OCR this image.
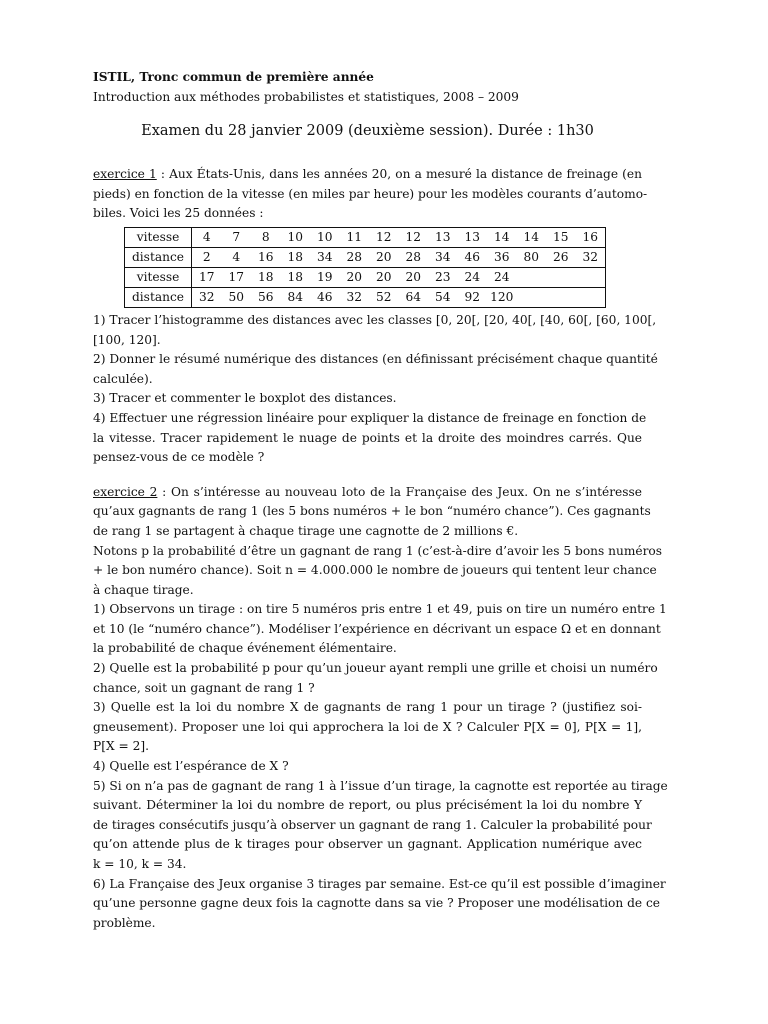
ISTIL, Tronc commun de première année
Introduction aux méthodes probabilistes et statistiques, 2008 – 2009
Examen du 28 janvier 2009 (deuxième session). Durée : 1h30
exercice 1 : Aux États-Unis, dans les années 20, on a mesuré la distance de freinage (en
pieds) en fonction de la vitesse (en miles par heure) pour les modèles courants d’automo-
biles. Voici les 25 données :
vitesse	4	7	8	10	10	11	12	12	13	13	14	14	15	16
distance	2	4	16	18	34	28	20	28	34	46	36	80	26	32
vitesse	17	17	18	18	19	20	20	20	23	24	24			
distance	32	50	56	84	46	32	52	64	54	92	120			
1) Tracer l’histogramme des distances avec les classes [0, 20[, [20, 40[, [40, 60[, [60, 100[,
[100, 120].
2) Donner le résumé numérique des distances (en définissant précisément chaque quantité
calculée).
3) Tracer et commenter le boxplot des distances.
4) Effectuer une régression linéaire pour expliquer la distance de freinage en fonction de
la vitesse. Tracer rapidement le nuage de points et la droite des moindres carrés. Que
pensez-vous de ce modèle ?
exercice 2 : On s’intéresse au nouveau loto de la Française des Jeux. On ne s’intéresse
qu’aux gagnants de rang 1 (les 5 bons numéros + le bon “numéro chance”). Ces gagnants
de rang 1 se partagent à chaque tirage une cagnotte de 2 millions €.
Notons p la probabilité d’être un gagnant de rang 1 (c’est-à-dire d’avoir les 5 bons numéros
+ le bon numéro chance). Soit n = 4.000.000 le nombre de joueurs qui tentent leur chance
à chaque tirage.
1) Observons un tirage : on tire 5 numéros pris entre 1 et 49, puis on tire un numéro entre 1
et 10 (le “numéro chance”). Modéliser l’expérience en décrivant un espace Ω et en donnant
la probabilité de chaque événement élémentaire.
2) Quelle est la probabilité p pour qu’un joueur ayant rempli une grille et choisi un numéro
chance, soit un gagnant de rang 1 ?
3) Quelle est la loi du nombre X de gagnants de rang 1 pour un tirage ? (justifiez soi-
gneusement). Proposer une loi qui approchera la loi de X ? Calculer P[X = 0], P[X = 1],
P[X = 2].
4) Quelle est l’espérance de X ?
5) Si on n’a pas de gagnant de rang 1 à l’issue d’un tirage, la cagnotte est reportée au tirage
suivant. Déterminer la loi du nombre de report, ou plus précisément la loi du nombre Y
de tirages consécutifs jusqu’à observer un gagnant de rang 1. Calculer la probabilité pour
qu’on attende plus de k tirages pour observer un gagnant. Application numérique avec
k = 10, k = 34.
6) La Française des Jeux organise 3 tirages par semaine. Est-ce qu’il est possible d’imaginer
qu’une personne gagne deux fois la cagnotte dans sa vie ? Proposer une modélisation de ce
problème.
